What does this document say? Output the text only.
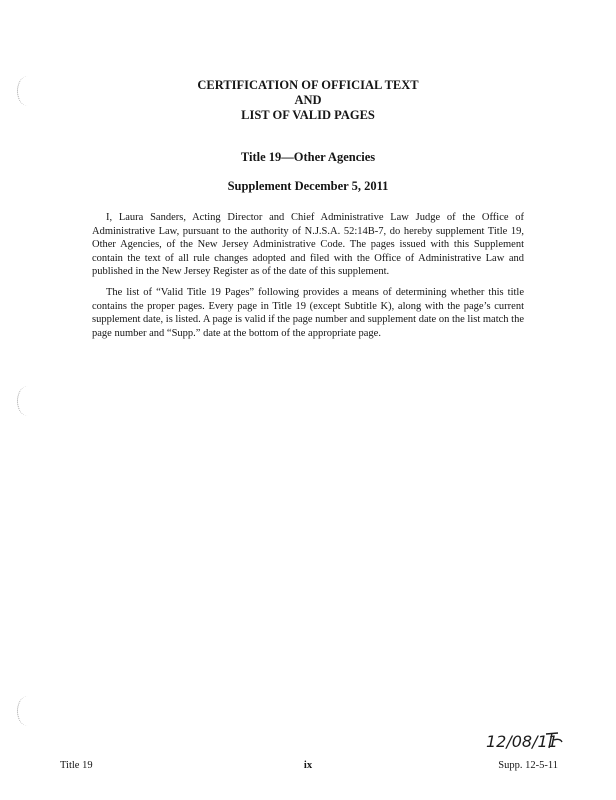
CERTIFICATION OF OFFICIAL TEXT
AND
LIST OF VALID PAGES
Title 19—Other Agencies
Supplement December 5, 2011

I, Laura Sanders, Acting Director and Chief Administrative Law Judge of the Office of Administrative Law, pursuant to the authority of N.J.S.A. 52:14B-7, do hereby supplement Title 19, Other Agencies, of the New Jersey Administrative Code. The pages issued with this Supplement contain the text of all rule changes adopted and filed with the Office of Administrative Law and published in the New Jersey Register as of the date of this supplement.

The list of “Valid Title 19 Pages” following provides a means of determining whether this title contains the proper pages. Every page in Title 19 (except Subtitle K), along with the page’s current supplement date, is listed. A page is valid if the page number and supplement date on the list match the page number and “Supp.” date at the bottom of the appropriate page.

12/08/11
Title 19	ix	Supp. 12-5-11
